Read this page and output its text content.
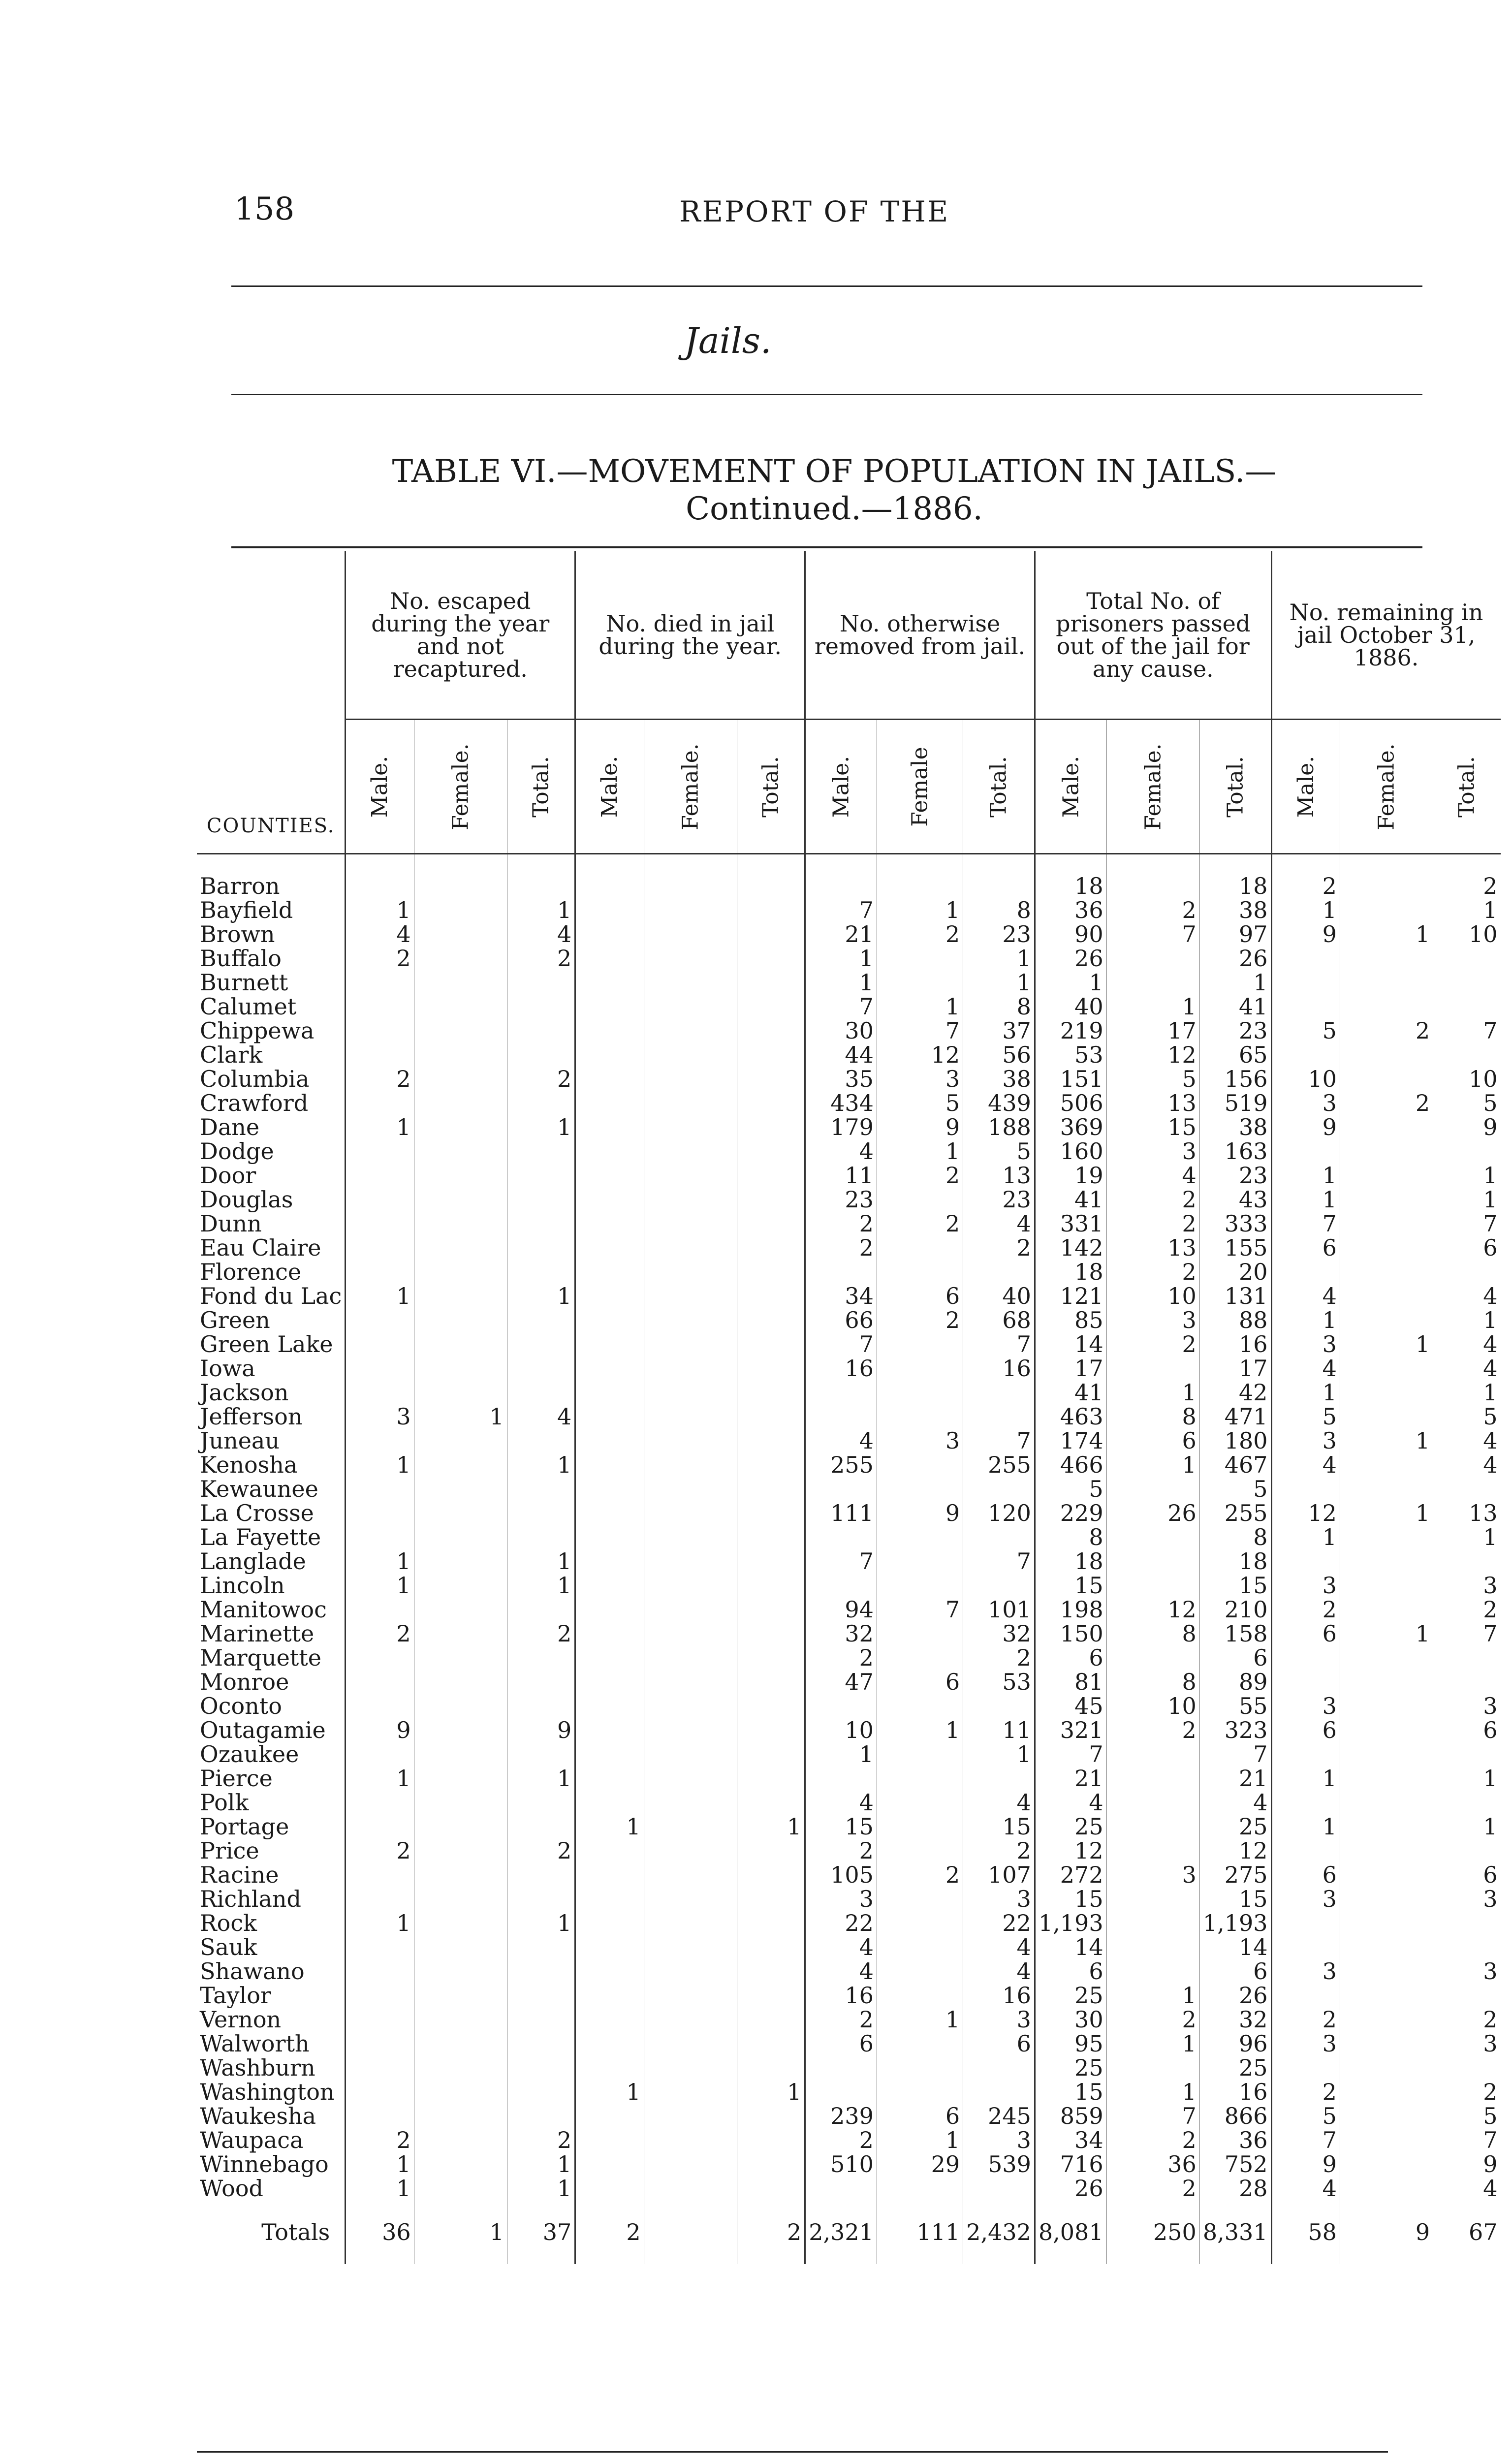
158	REPORT OF THE
Jails.
TABLE VI.—MOVEMENT OF POPULATION IN JAILS.—
Continued.—1886.
COUNTIES.	No. escaped during the year and not recaptured.			No. died in jail during the year.			No. otherwise removed from jail.			Total No. of prisoners passed out of the jail for any cause.			No. remaining in jail October 31, 1886.		

	Male.	Female.	Total.	Male.	Female.	Total.	Male.	Female	Total.	Male.	Female.	Total.	Male.	Female.	Total.

Barron										18		18	2		2
Bayfield	1		1				7	1	8	36	2	38	1		1
Brown	4		4				21	2	23	90	7	97	9	1	10
Buffalo	2		2				1		1	26		26			
Burnett							1		1	1		1			
Calumet							7	1	8	40	1	41			
Chippewa							30	7	37	219	17	23	5	2	7
Clark							44	12	56	53	12	65			
Columbia	2		2				35	3	38	151	5	156	10		10
Crawford							434	5	439	506	13	519	3	2	5
Dane	1		1				179	9	188	369	15	38	9		9
Dodge							4	1	5	160	3	163			
Door							11	2	13	19	4	23	1		1
Douglas							23		23	41	2	43	1		1
Dunn							2	2	4	331	2	333	7		7
Eau Claire							2		2	142	13	155	6		6
Florence										18	2	20			
Fond du Lac	1		1				34	6	40	121	10	131	4		4
Green							66	2	68	85	3	88	1		1
Green Lake							7		7	14	2	16	3	1	4
Iowa							16		16	17		17	4		4
Jackson										41	1	42	1		1
Jefferson	3	1	4							463	8	471	5		5
Juneau							4	3	7	174	6	180	3	1	4
Kenosha	1		1				255		255	466	1	467	4		4
Kewaunee										5		5			
La Crosse							111	9	120	229	26	255	12	1	13
La Fayette										8		8	1		1
Langlade	1		1				7		7	18		18			
Lincoln	1		1							15		15	3		3
Manitowoc							94	7	101	198	12	210	2		2
Marinette	2		2				32		32	150	8	158	6	1	7
Marquette							2		2	6		6			
Monroe							47	6	53	81	8	89			
Oconto										45	10	55	3		3
Outagamie	9		9				10	1	11	321	2	323	6		6
Ozaukee							1		1	7		7			
Pierce	1		1							21		21	1		1
Polk							4		4	4		4			
Portage				1		1	15		15	25		25	1		1
Price	2		2				2		2	12		12			
Racine							105	2	107	272	3	275	6		6
Richland							3		3	15		15	3		3
Rock	1		1				22		22	1,193		1,193			
Sauk							4		4	14		14			
Shawano							4		4	6		6	3		3
Taylor							16		16	25	1	26			
Vernon							2	1	3	30	2	32	2		2
Walworth							6		6	95	1	96	3		3
Washburn										25		25			
Washington				1		1				15	1	16	2		2
Waukesha							239	6	245	859	7	866	5		5
Waupaca	2		2				2	1	3	34	2	36	7		7
Winnebago	1		1				510	29	539	716	36	752	9		9
Wood	1		1							26	2	28	4		4
Totals	36	1	37	2		2	2,321	111	2,432	8,081	250	8,331	58	9	67
